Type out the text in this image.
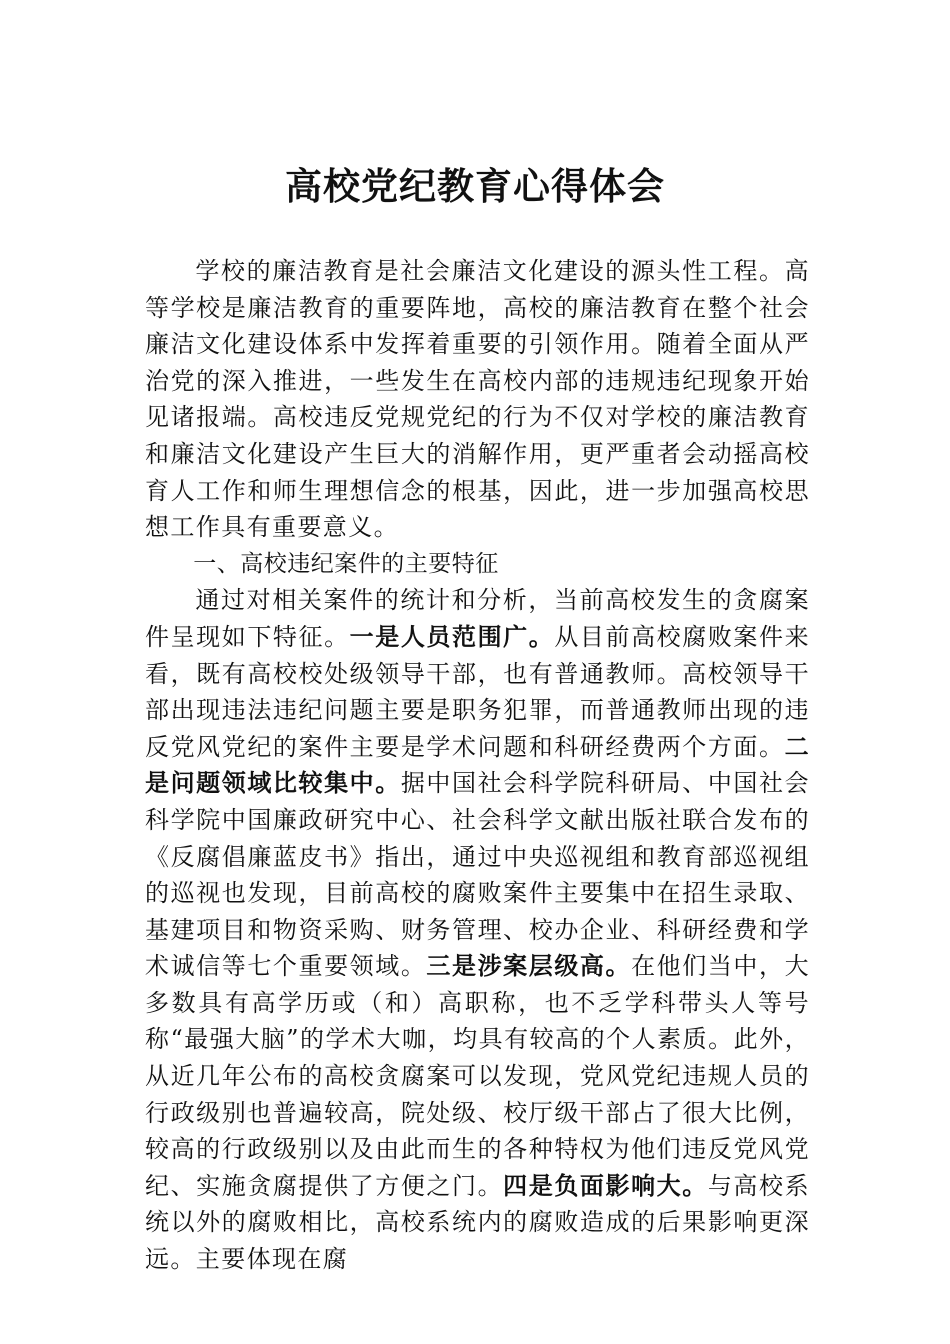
高校党纪教育心得体会

学校的廉洁教育是社会廉洁文化建设的源头性工程。高等学校是廉洁教育的重要阵地，高校的廉洁教育在整个社会廉洁文化建设体系中发挥着重要的引领作用。随着全面从严治党的深入推进，一些发生在高校内部的违规违纪现象开始见诸报端。高校违反党规党纪的行为不仅对学校的廉洁教育和廉洁文化建设产生巨大的消解作用，更严重者会动摇高校育人工作和师生理想信念的根基，因此，进一步加强高校思想工作具有重要意义。

一、高校违纪案件的主要特征

通过对相关案件的统计和分析，当前高校发生的贪腐案件呈现如下特征。一是人员范围广。从目前高校腐败案件来看，既有高校校处级领导干部，也有普通教师。高校领导干部出现违法违纪问题主要是职务犯罪，而普通教师出现的违反党风党纪的案件主要是学术问题和科研经费两个方面。二是问题领域比较集中。据中国社会科学院科研局、中国社会科学院中国廉政研究中心、社会科学文献出版社联合发布的《反腐倡廉蓝皮书》指出，通过中央巡视组和教育部巡视组的巡视也发现，目前高校的腐败案件主要集中在招生录取、基建项目和物资采购、财务管理、校办企业、科研经费和学术诚信等七个重要领域。三是涉案层级高。在他们当中，大多数具有高学历或（和）高职称，也不乏学科带头人等号称“最强大脑”的学术大咖，均具有较高的个人素质。此外，从近几年公布的高校贪腐案可以发现，党风党纪违规人员的行政级别也普遍较高，院处级、校厅级干部占了很大比例，较高的行政级别以及由此而生的各种特权为他们违反党风党纪、实施贪腐提供了方便之门。四是负面影响大。与高校系统以外的腐败相比，高校系统内的腐败造成的后果影响更深远。主要体现在腐
